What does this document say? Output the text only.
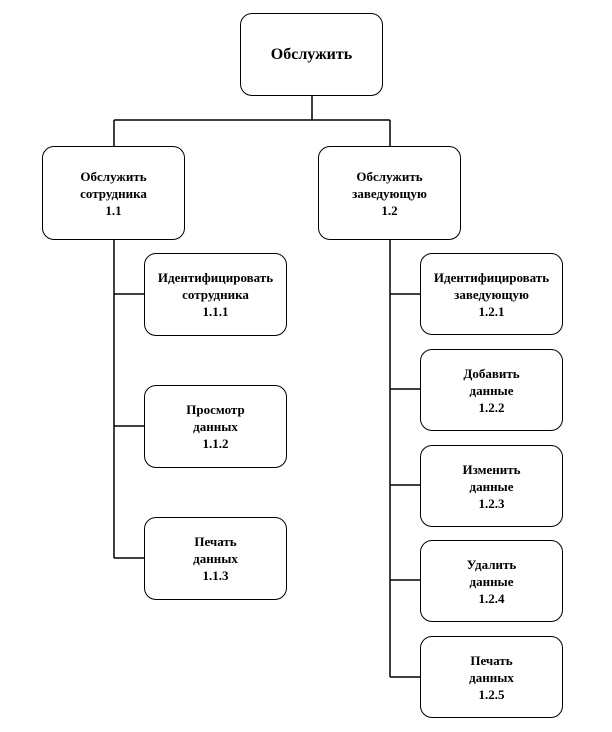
Обслужить
Обслужить
сотрудника
1.1
Обслужить
заведующую
1.2
Идентифицировать
сотрудника
1.1.1
Просмотр
данных
1.1.2
Печать
данных
1.1.3
Идентифицировать
заведующую
1.2.1
Добавить
данные
1.2.2
Изменить
данные
1.2.3
Удалить
данные
1.2.4
Печать
данных
1.2.5
